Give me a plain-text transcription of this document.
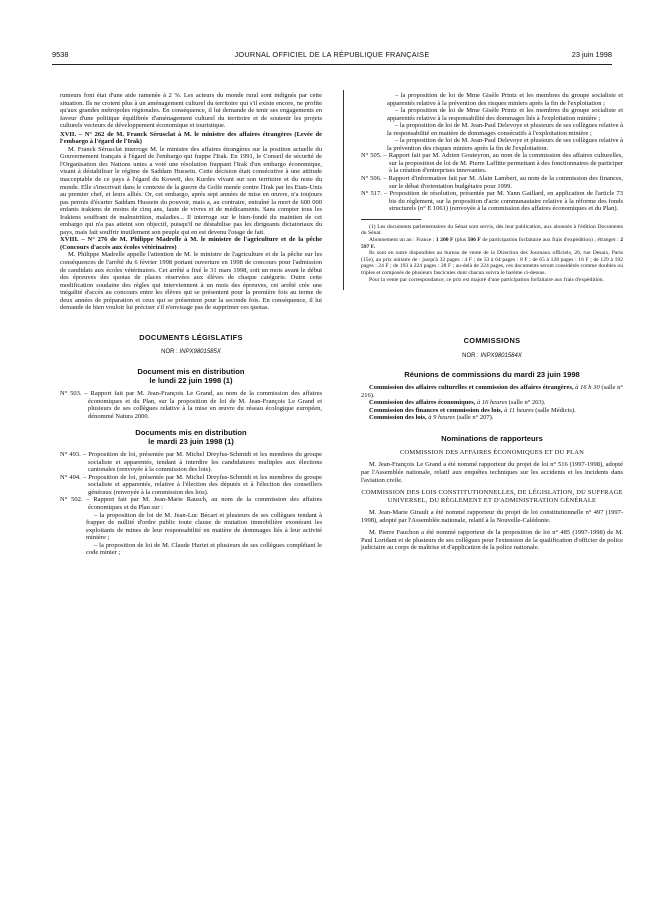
9538	JOURNAL OFFICIEL DE LA RÉPUBLIQUE FRANÇAISE	23 juin 1998

rumeurs font état d'une aide ramenée à 2 %. Les acteurs du monde rural sont indignés par cette situation. Ils ne croient plus à un aménagement culturel du territoire qui s'il existe encore, ne profite qu'aux grandes métropoles régionales. En conséquence, il lui demande de tenir ses engagements en faveur d'une politique équilibrée d'aménagement culturel du territoire et de soutenir les projets culturels vecteurs de développement économique et touristique.

XVII. – N° 262 de M. Franck Sérusclat à M. le ministre des affaires étrangères (Levée de l'embargo à l'égard de l'Irak)

M. Franck Sérusclat interroge M. le ministre des affaires étrangères sur la position actuelle du Gouvernement français à l'égard de l'embargo qui frappe l'Irak. En 1991, le Conseil de sécurité de l'Organisation des Nations unies a voté une résolution frappant l'Irak d'un embargo économique, visant à déstabiliser le régime de Saddam Hussein. Cette décision était consécutive à une attitude inacceptable de ce pays à l'égard du Koweït, des Kurdes vivant sur son territoire et du reste du monde. Elle s'inscrivait dans le contexte de la guerre du Golfe menée contre l'Irak par les Etats-Unis au premier chef, et leurs alliés. Or, cet embargo, après sept années de mise en œuvre, n'a toujours pas permis d'écarter Saddam Hussein du pouvoir, mais a, au contraire, entraîné la mort de 600 000 enfants irakiens de moins de cinq ans, faute de vivres et de médicaments. Sans compter tous les Irakiens souffrant de malnutrition, maladies... Il interroge sur le bien-fondé du maintien de cet embargo qui n'a pas atteint son objectif, puisqu'il ne déstabilise pas les dirigeants dictatoriaux du pays, mais fait souffrir inutilement son peuple qui en est devenu l'otage de fait.

XVIII. – N° 276 de M. Philippe Madrelle à M. le ministre de l'agriculture et de la pêche (Concours d'accès aux écoles vétérinaires)

M. Philippe Madrelle appelle l'attention de M. le ministre de l'agriculture et de la pêche sur les conséquences de l'arrêté du 6 février 1998 portant ouverture en 1998 de concours pour l'admission de candidats aux écoles vétérinaires. Cet arrêté a fixé le 31 mars 1998, soit un mois avant le début des épreuves des quotas de places réservées aux élèves de chaque catégorie. Outre cette modification soudaine des règles qui interviennent à un mois des épreuves, cet arrêté crée une inégalité d'accès au concours entre les élèves qui se présentent pour la première fois au terme de deux années de préparation et ceux qui se présentent pour la seconde fois. En conséquence, il lui demande de bien vouloir lui préciser s'il n'envisage pas de supprimer ces quotas.

DOCUMENTS LÉGISLATIFS
NOR : INPX9801585X
Document mis en distribution
le lundi 22 juin 1998 (1)

N° 503. – Rapport fait par M. Jean-François Le Grand, au nom de la commission des affaires économiques et du Plan, sur la proposition de loi de M. Jean-François Le Grand et plusieurs de ses collègues relative à la mise en œuvre du réseau écologique européen, dénommé Natura 2000.

Documents mis en distribution
le mardi 23 juin 1998 (1)

N° 493. – Proposition de loi, présentée par M. Michel Dreyfus-Schmidt et les membres du groupe socialiste et apparentés, tendant à interdire les candidatures multiples aux élections cantonales (renvoyée à la commission des lois).

N° 494. – Proposition de loi, présentée par M. Michel Dreyfus-Schmidt et les membres du groupe socialiste et apparentés, relative à l'élection des députés et à l'élection des conseillers généraux (renvoyée à la commission des lois).

N° 502. – Rapport fait par M. Jean-Marie Rausch, au nom de la commission des affaires économiques et du Plan sur :

– la proposition de loi de M. Jean-Luc Bécart et plusieurs de ses collègues tendant à frapper de nullité d'ordre public toute clause de mutation immobilière exonérant les exploitants de mines de leur responsabilité en matière de dommages liés à leur activité minière ;

– la proposition de loi de M. Claude Huriet et plusieurs de ses collègues complétant le code minier ;

– la proposition de loi de Mme Gisèle Printz et les membres du groupe socialiste et apparentés relative à la prévention des risques miniers après la fin de l'exploitation ;

– la proposition de loi de Mme Gisèle Printz et les membres du groupe socialiste et apparentés relative à la responsabilité des dommages liés à l'exploitation minière ;

– la proposition de loi de M. Jean-Paul Delevoye et plusieurs de ses collègues relative à la responsabilité en matière de dommages consécutifs à l'exploitation minière ;

– la proposition de loi de M. Jean-Paul Delevoye et plusieurs de ses collègues relative à la prévention des risques miniers après la fin de l'exploitation.

N° 505. – Rapport fait par M. Adrien Gouteyron, au nom de la commission des affaires culturelles, sur la proposition de loi de M. Pierre Laffitte permettant à des fonctionnaires de participer à la création d'entreprises innovantes.

N° 506. – Rapport d'information fait par M. Alain Lambert, au nom de la commission des finances, sur le débat d'orientation budgétaire pour 1999.

N° 517. – Proposition de résolution, présentée par M. Yann Gaillard, en application de l'article 73 bis du règlement, sur la proposition d'acte communautaire relative à la réforme des fonds structurels (n° E 1061) (renvoyée à la commission des affaires économiques et du Plan).

(1) Les documents parlementaires du Sénat sont servis, dès leur publication, aux abonnés à l'édition Documents du Sénat.

Abonnement un an : France : 1 200 F (plus 506 F de participation forfaitaire aux frais d'expédition) ; étranger : 2 597 F.

Ils sont en outre disponibles au bureau de vente de la Direction des Journaux officiels, 26, rue Desaix, Paris (15e), au prix unitaire de : jusqu'à 32 pages : 4 F ; de 33 à 64 pages : 8 F ; de 65 à 128 pages : 16 F ; de 129 à 192 pages : 24 F ; de 193 à 224 pages : 28 F ; au-delà de 224 pages, ces documents seront considérés comme doubles ou triples et composés de plusieurs fascicules dont chacun suivra le barème ci-dessus.

Pour la vente par correspondance, ce prix est majoré d'une participation forfaitaire aux frais d'expédition.

COMMISSIONS
NOR : INPX9801584X
Réunions de commissions du mardi 23 juin 1998

Commission des affaires culturelles et commission des affaires étrangères, à 16 h 30 (salle n° 216).

Commission des affaires économiques, à 16 heures (salle n° 263).

Commission des finances et commission des lois, à 11 heures (salle Médicis).

Commission des lois, à 9 heures (salle n° 207).

Nominations de rapporteurs

COMMISSION DES AFFAIRES ÉCONOMIQUES ET DU PLAN

M. Jean-François Le Grand a été nommé rapporteur du projet de loi n° 516 (1997-1998), adopté par l'Assemblée nationale, relatif aux enquêtes techniques sur les accidents et les incidents dans l'aviation civile.

COMMISSION DES LOIS CONSTITUTIONNELLES, DE LÉGISLATION, DU SUFFRAGE UNIVERSEL, DU RÈGLEMENT ET D'ADMINISTRATION GÉNÉRALE

M. Jean-Marie Girault a été nommé rapporteur du projet de loi constitutionnelle n° 497 (1997-1998), adopté par l'Assemblée nationale, relatif à la Nouvelle-Calédonie.

M. Pierre Fauchon a été nommé rapporteur de la proposition de loi n° 485 (1997-1998) de M. Paul Loridant et de plusieurs de ses collègues pour l'extension de la qualification d'officier de police judiciaire au corps de maîtrise et d'application de la police nationale.
